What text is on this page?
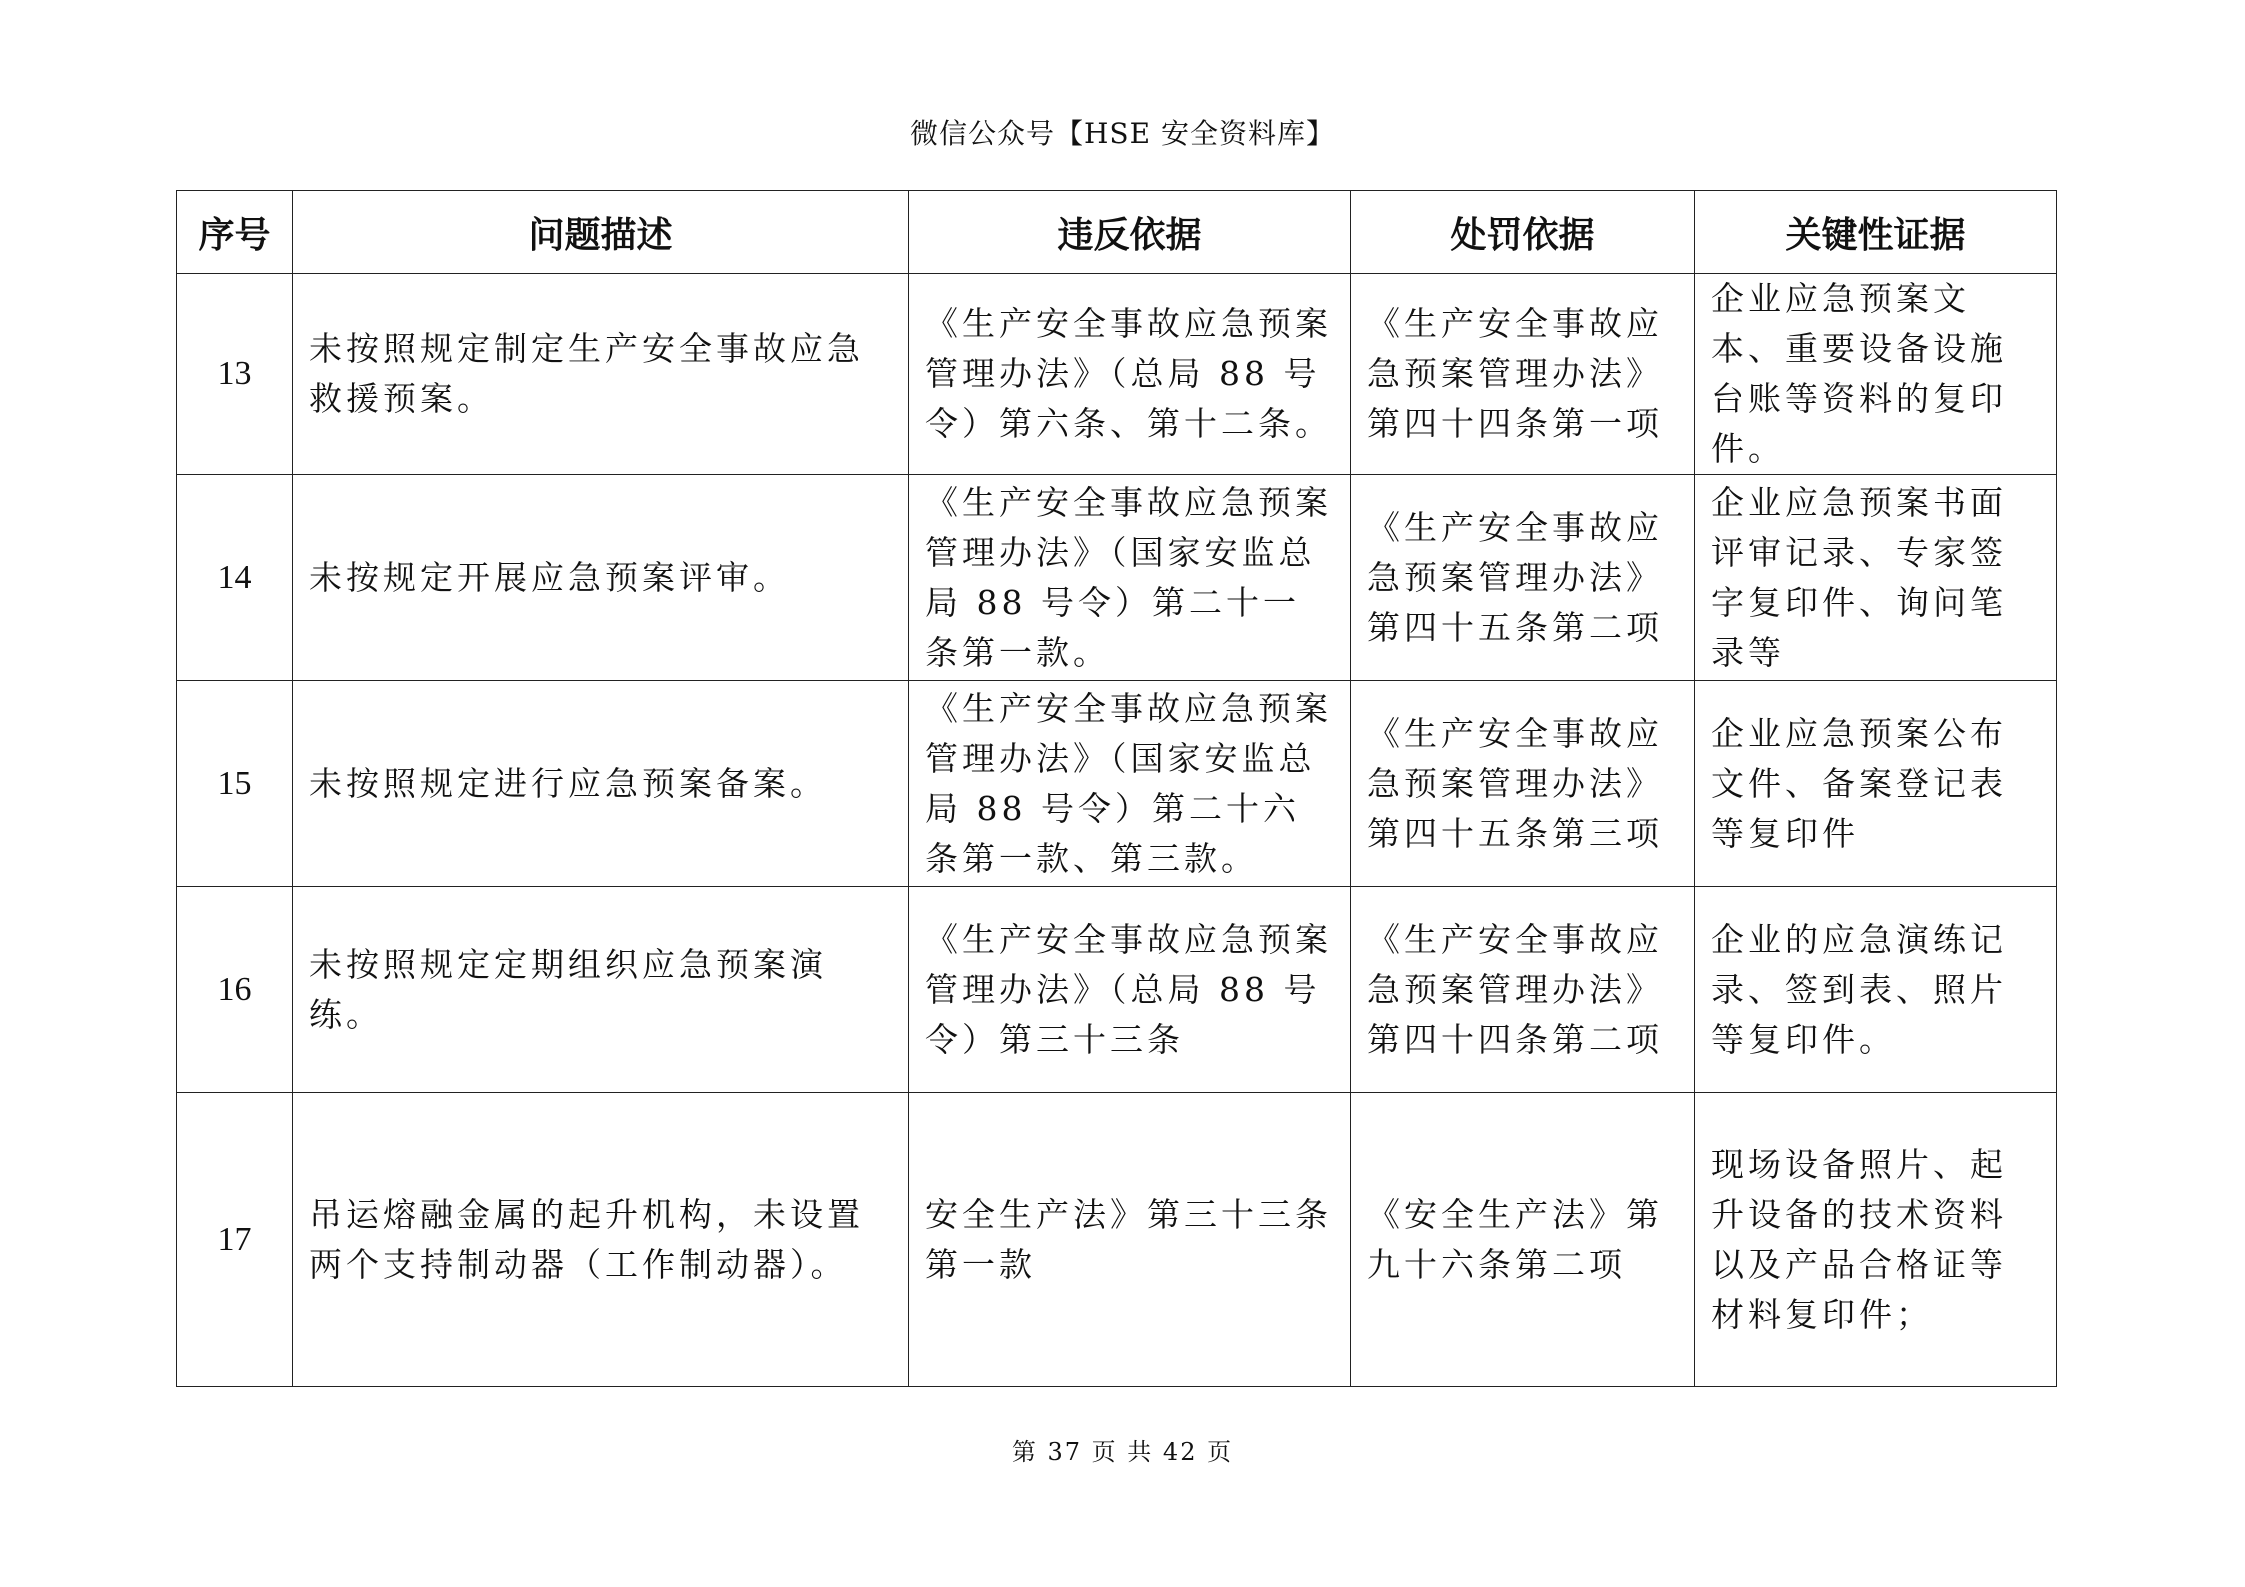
微信公众号【HSE 安全资料库】
序号	问题描述	违反依据	处罚依据	关键性证据
13	未按照规定制定生产安全事故应急救援预案。	《生产安全事故应急预案管理办法》（总局 88 号令）第六条、第十二条。	《生产安全事故应急预案管理办法》第四十四条第一项	企业应急预案文本、重要设备设施台账等资料的复印件。
14	未按规定开展应急预案评审。	《生产安全事故应急预案管理办法》（国家安监总局 88 号令）第二十一条第一款。	《生产安全事故应急预案管理办法》第四十五条第二项	企业应急预案书面评审记录、专家签字复印件、询问笔录等
15	未按照规定进行应急预案备案。	《生产安全事故应急预案管理办法》（国家安监总局 88 号令）第二十六条第一款、第三款。	《生产安全事故应急预案管理办法》第四十五条第三项	企业应急预案公布文件、备案登记表等复印件
16	未按照规定定期组织应急预案演练。	《生产安全事故应急预案管理办法》（总局 88 号令）第三十三条	《生产安全事故应急预案管理办法》第四十四条第二项	企业的应急演练记录、签到表、照片等复印件。
17	吊运熔融金属的起升机构，未设置两个支持制动器（工作制动器）。	安全生产法》第三十三条第一款	《安全生产法》第九十六条第二项	现场设备照片、起升设备的技术资料以及产品合格证等材料复印件；
第 37 页 共 42 页
